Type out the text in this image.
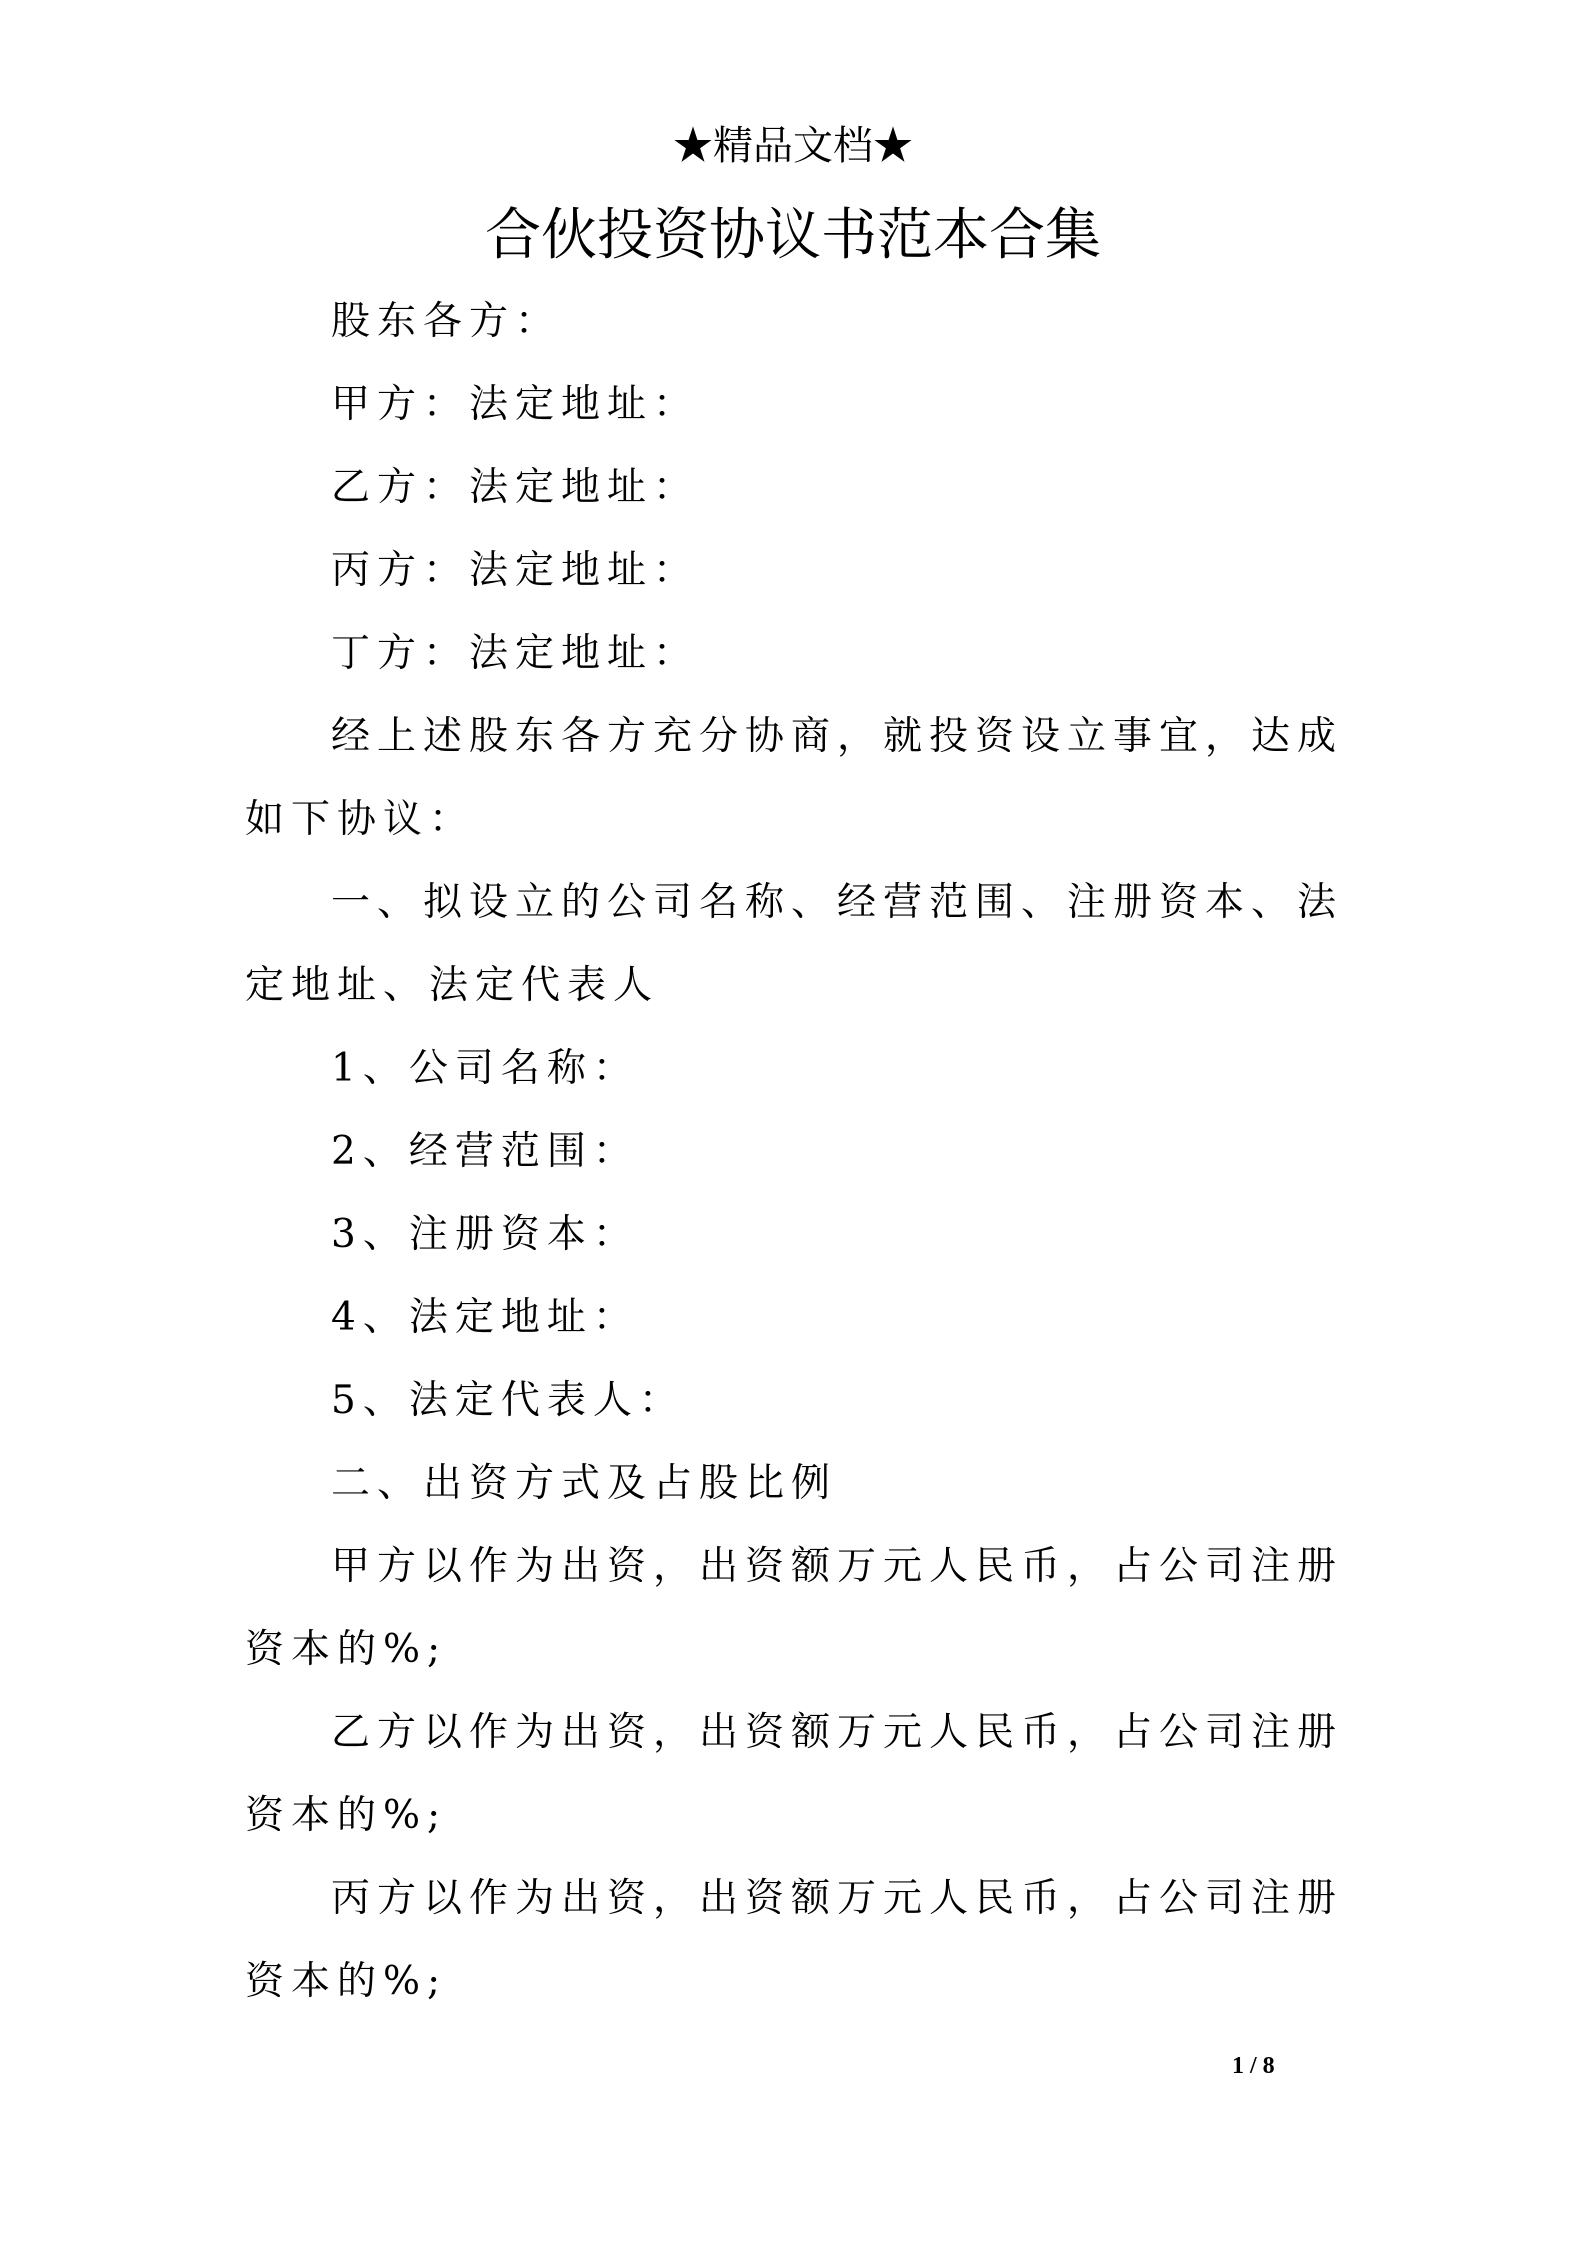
★精品文档★
合伙投资协议书范本合集

股东各方：

甲方：法定地址：

乙方：法定地址：

丙方：法定地址：

丁方：法定地址：

经上述股东各方充分协商，就投资设立事宜，达成如下协议：

一、拟设立的公司名称、经营范围、注册资本、法定地址、法定代表人

1、公司名称：

2、经营范围：

3、注册资本：

4、法定地址：

5、法定代表人：

二、出资方式及占股比例

甲方以作为出资，出资额万元人民币，占公司注册资本的%;

乙方以作为出资，出资额万元人民币，占公司注册资本的%;

丙方以作为出资，出资额万元人民币，占公司注册资本的%;

1 / 8
